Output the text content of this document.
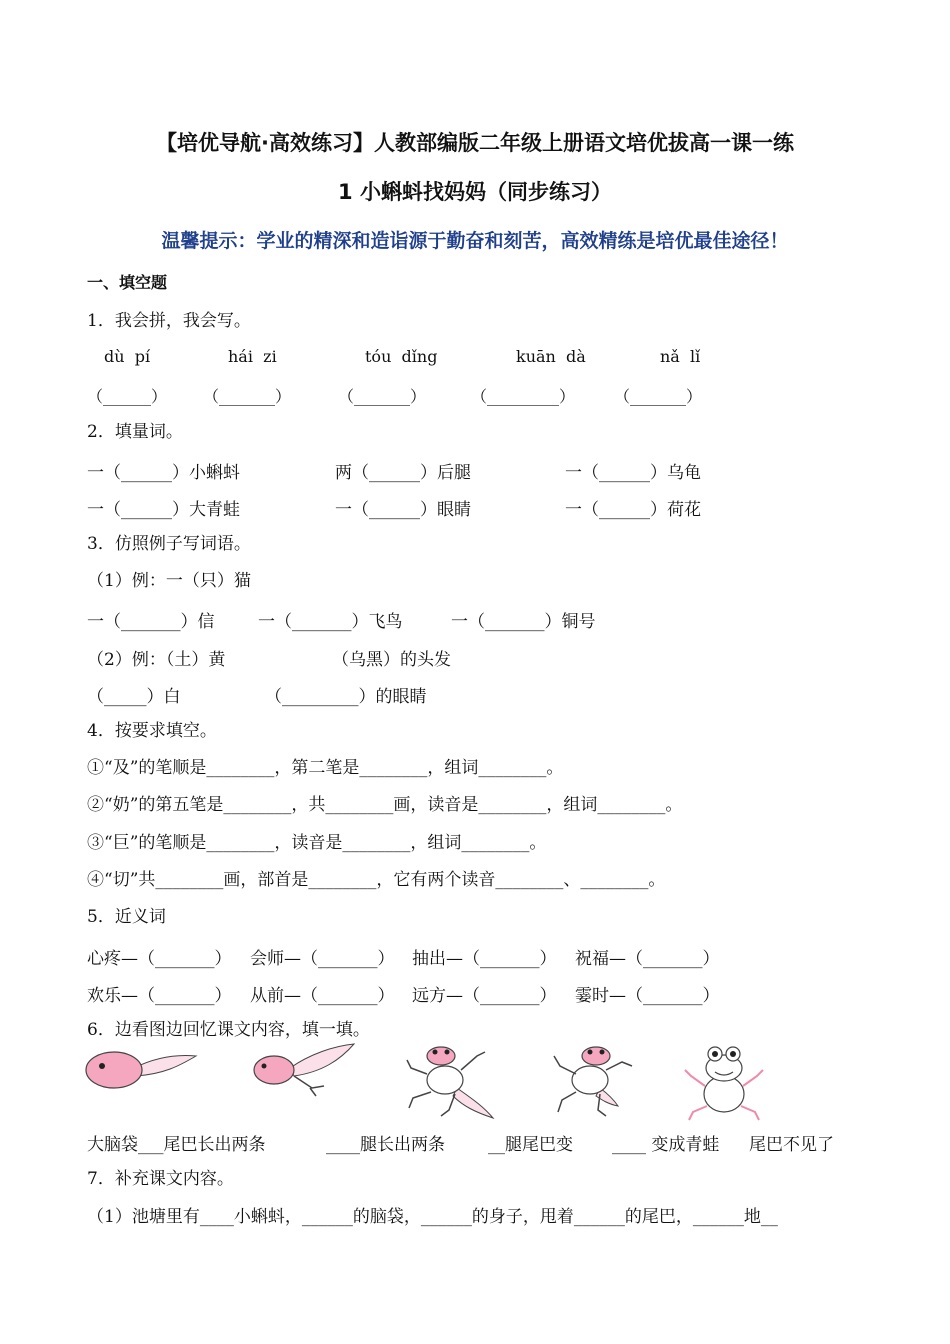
【培优导航·高效练习】人教部编版二年级上册语文培优拔高一课一练
1 小蝌蚪找妈妈（同步练习）
温馨提示：学业的精深和造诣源于勤奋和刻苦，高效精练是培优最佳途径！
一、填空题
1．我会拼，我会写。
dù  pí	hái  zi	tóu  dǐng	kuān  dà	nǎ  lǐ
（______） （_______）	（_______）	（_________） （_______）
2．填量词。
一（______）小蝌蚪	两（______）后腿	一（______）乌龟
一（______）大青蛙	一（______）眼睛	一（______）荷花
3．仿照例子写词语。
（1）例：一（只）猫
一（_______）信	一（_______）飞鸟	一（_______）铜号
（2）例：（土）黄	（乌黑）的头发
（_____）白	（_________）的眼睛
4．按要求填空。
①“及”的笔顺是________，第二笔是________，组词________。
②“奶”的第五笔是________，共________画，读音是________，组词________。
③“巨”的笔顺是________，读音是________，组词________。
④“切”共________画，部首是________，它有两个读音________、________。
5．近义词
心疼—（_______） 会师—（_______） 抽出—（_______） 祝福—（_______）
欢乐—（_______） 从前—（_______） 远方—（_______） 霎时—（_______）
6．边看图边回忆课文内容，填一填。
大脑袋___尾巴长出两条	____腿长出两条	__腿尾巴变 ____ 变成青蛙 尾巴不见了
7．补充课文内容。
（1）池塘里有____小蝌蚪，______的脑袋，______的身子，甩着______的尾巴，______地__
